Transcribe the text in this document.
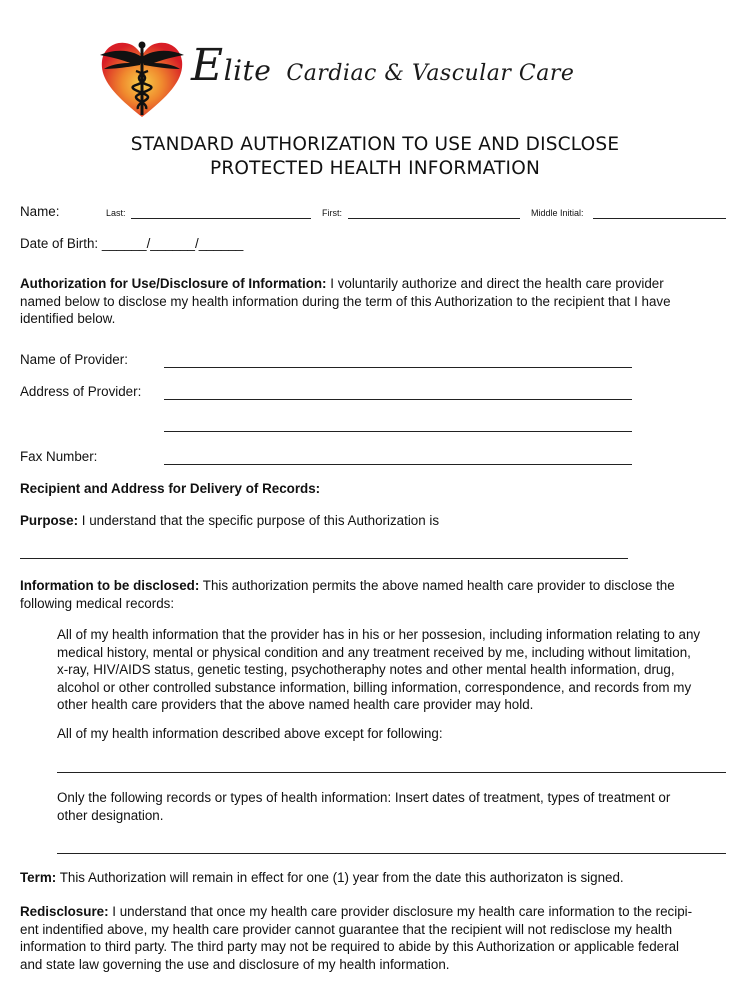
Elite Cardiac & Vascular Care
STANDARD AUTHORIZATION TO USE AND DISCLOSE
PROTECTED HEALTH INFORMATION
Name:	Last:	First:	Middle Initial:
Date of Birth: ______/______/______
Authorization for Use/Disclosure of Information: I voluntarily authorize and direct the health care provider
named below to disclose my health information during the term of this Authorization to the recipient that I have
identified below.
Name of Provider:
Address of Provider:
Fax Number:
Recipient and Address for Delivery of Records:
Purpose: I understand that the specific purpose of this Authorization is
Information to be disclosed: This authorization permits the above named health care provider to disclose the
following medical records:
All of my health information that the provider has in his or her possesion, including information relating to any
medical history, mental or physical condition and any treatment received by me, including without limitation,
x-ray, HIV/AIDS status, genetic testing, psychotheraphy notes and other mental health information, drug,
alcohol or other controlled substance information, billing information, correspondence, and records from my
other health care providers that the above named health care provider may hold.
All of my health information described above except for following:
Only the following records or types of health information: Insert dates of treatment, types of treatment or
other designation.
Term: This Authorization will remain in effect for one (1) year from the date this authorizaton is signed.
Redisclosure: I understand that once my health care provider disclosure my health care information to the recipi-
ent indentified above, my health care provider cannot guarantee that the recipient will not redisclose my health
information to third party. The third party may not be required to abide by this Authorization or applicable federal
and state law governing the use and disclosure of my health information.
